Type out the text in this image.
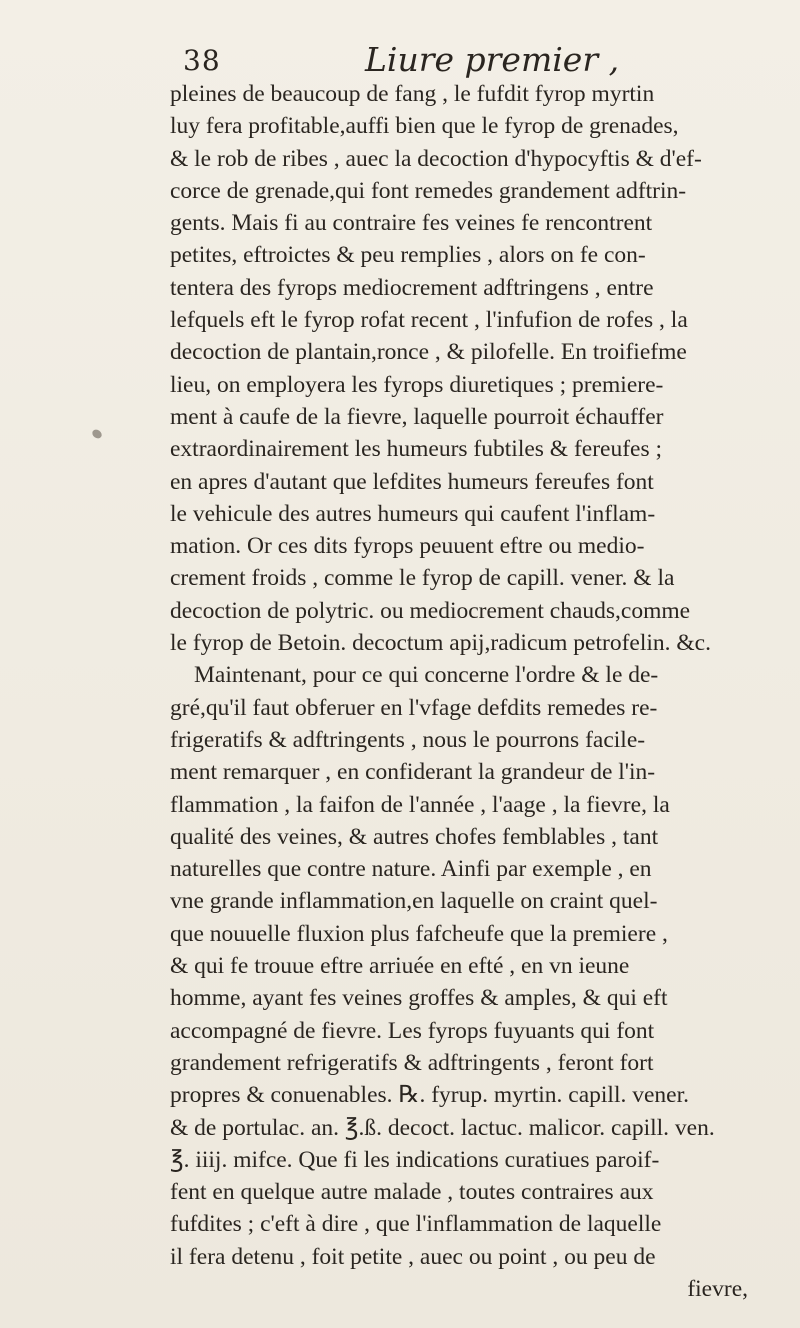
38	Liure premier ,
pleines de beaucoup de fang , le fufdit fyrop myrtin
luy fera profitable,auffi bien que le fyrop de grenades,
& le rob de ribes , auec la decoction d'hypocyftis & d'ef-
corce de grenade,qui font remedes grandement adftrin-
gents. Mais fi au contraire fes veines fe rencontrent
petites, eftroictes & peu remplies , alors on fe con-
tentera des fyrops mediocrement adftringens , entre
lefquels eft le fyrop rofat recent , l'infufion de rofes , la
decoction de plantain,ronce , & pilofelle. En troifiefme
lieu, on employera les fyrops diuretiques ; premiere-
ment à caufe de la fievre, laquelle pourroit échauffer
extraordinairement les humeurs fubtiles & fereufes ;
en apres d'autant que lefdites humeurs fereufes font
le vehicule des autres humeurs qui caufent l'inflam-
mation. Or ces dits fyrops peuuent eftre ou medio-
crement froids , comme le fyrop de capill. vener. & la
decoction de polytric. ou mediocrement chauds,comme
le fyrop de Betoin. decoctum apij,radicum petrofelin. &c.
Maintenant, pour ce qui concerne l'ordre & le de-
gré,qu'il faut obferuer en l'vfage defdits remedes re-
frigeratifs & adftringents , nous le pourrons facile-
ment remarquer , en confiderant la grandeur de l'in-
flammation , la faifon de l'année , l'aage , la fievre, la
qualité des veines, & autres chofes femblables , tant
naturelles que contre nature. Ainfi par exemple , en
vne grande inflammation,en laquelle on craint quel-
que nouuelle fluxion plus fafcheufe que la premiere ,
& qui fe trouue eftre arriuée en efté , en vn ieune
homme, ayant fes veines groffes & amples, & qui eft
accompagné de fievre. Les fyrops fuyuants qui font
grandement refrigeratifs & adftringents , feront fort
propres & conuenables. ℞. fyrup. myrtin. capill. vener.
& de portulac. an. ℥.ß. decoct. lactuc. malicor. capill. ven.
℥. iiij. mifce. Que fi les indications curatiues paroif-
fent en quelque autre malade , toutes contraires aux
fufdites ; c'eft à dire , que l'inflammation de laquelle
il fera detenu , foit petite , auec ou point , ou peu de
fievre,
